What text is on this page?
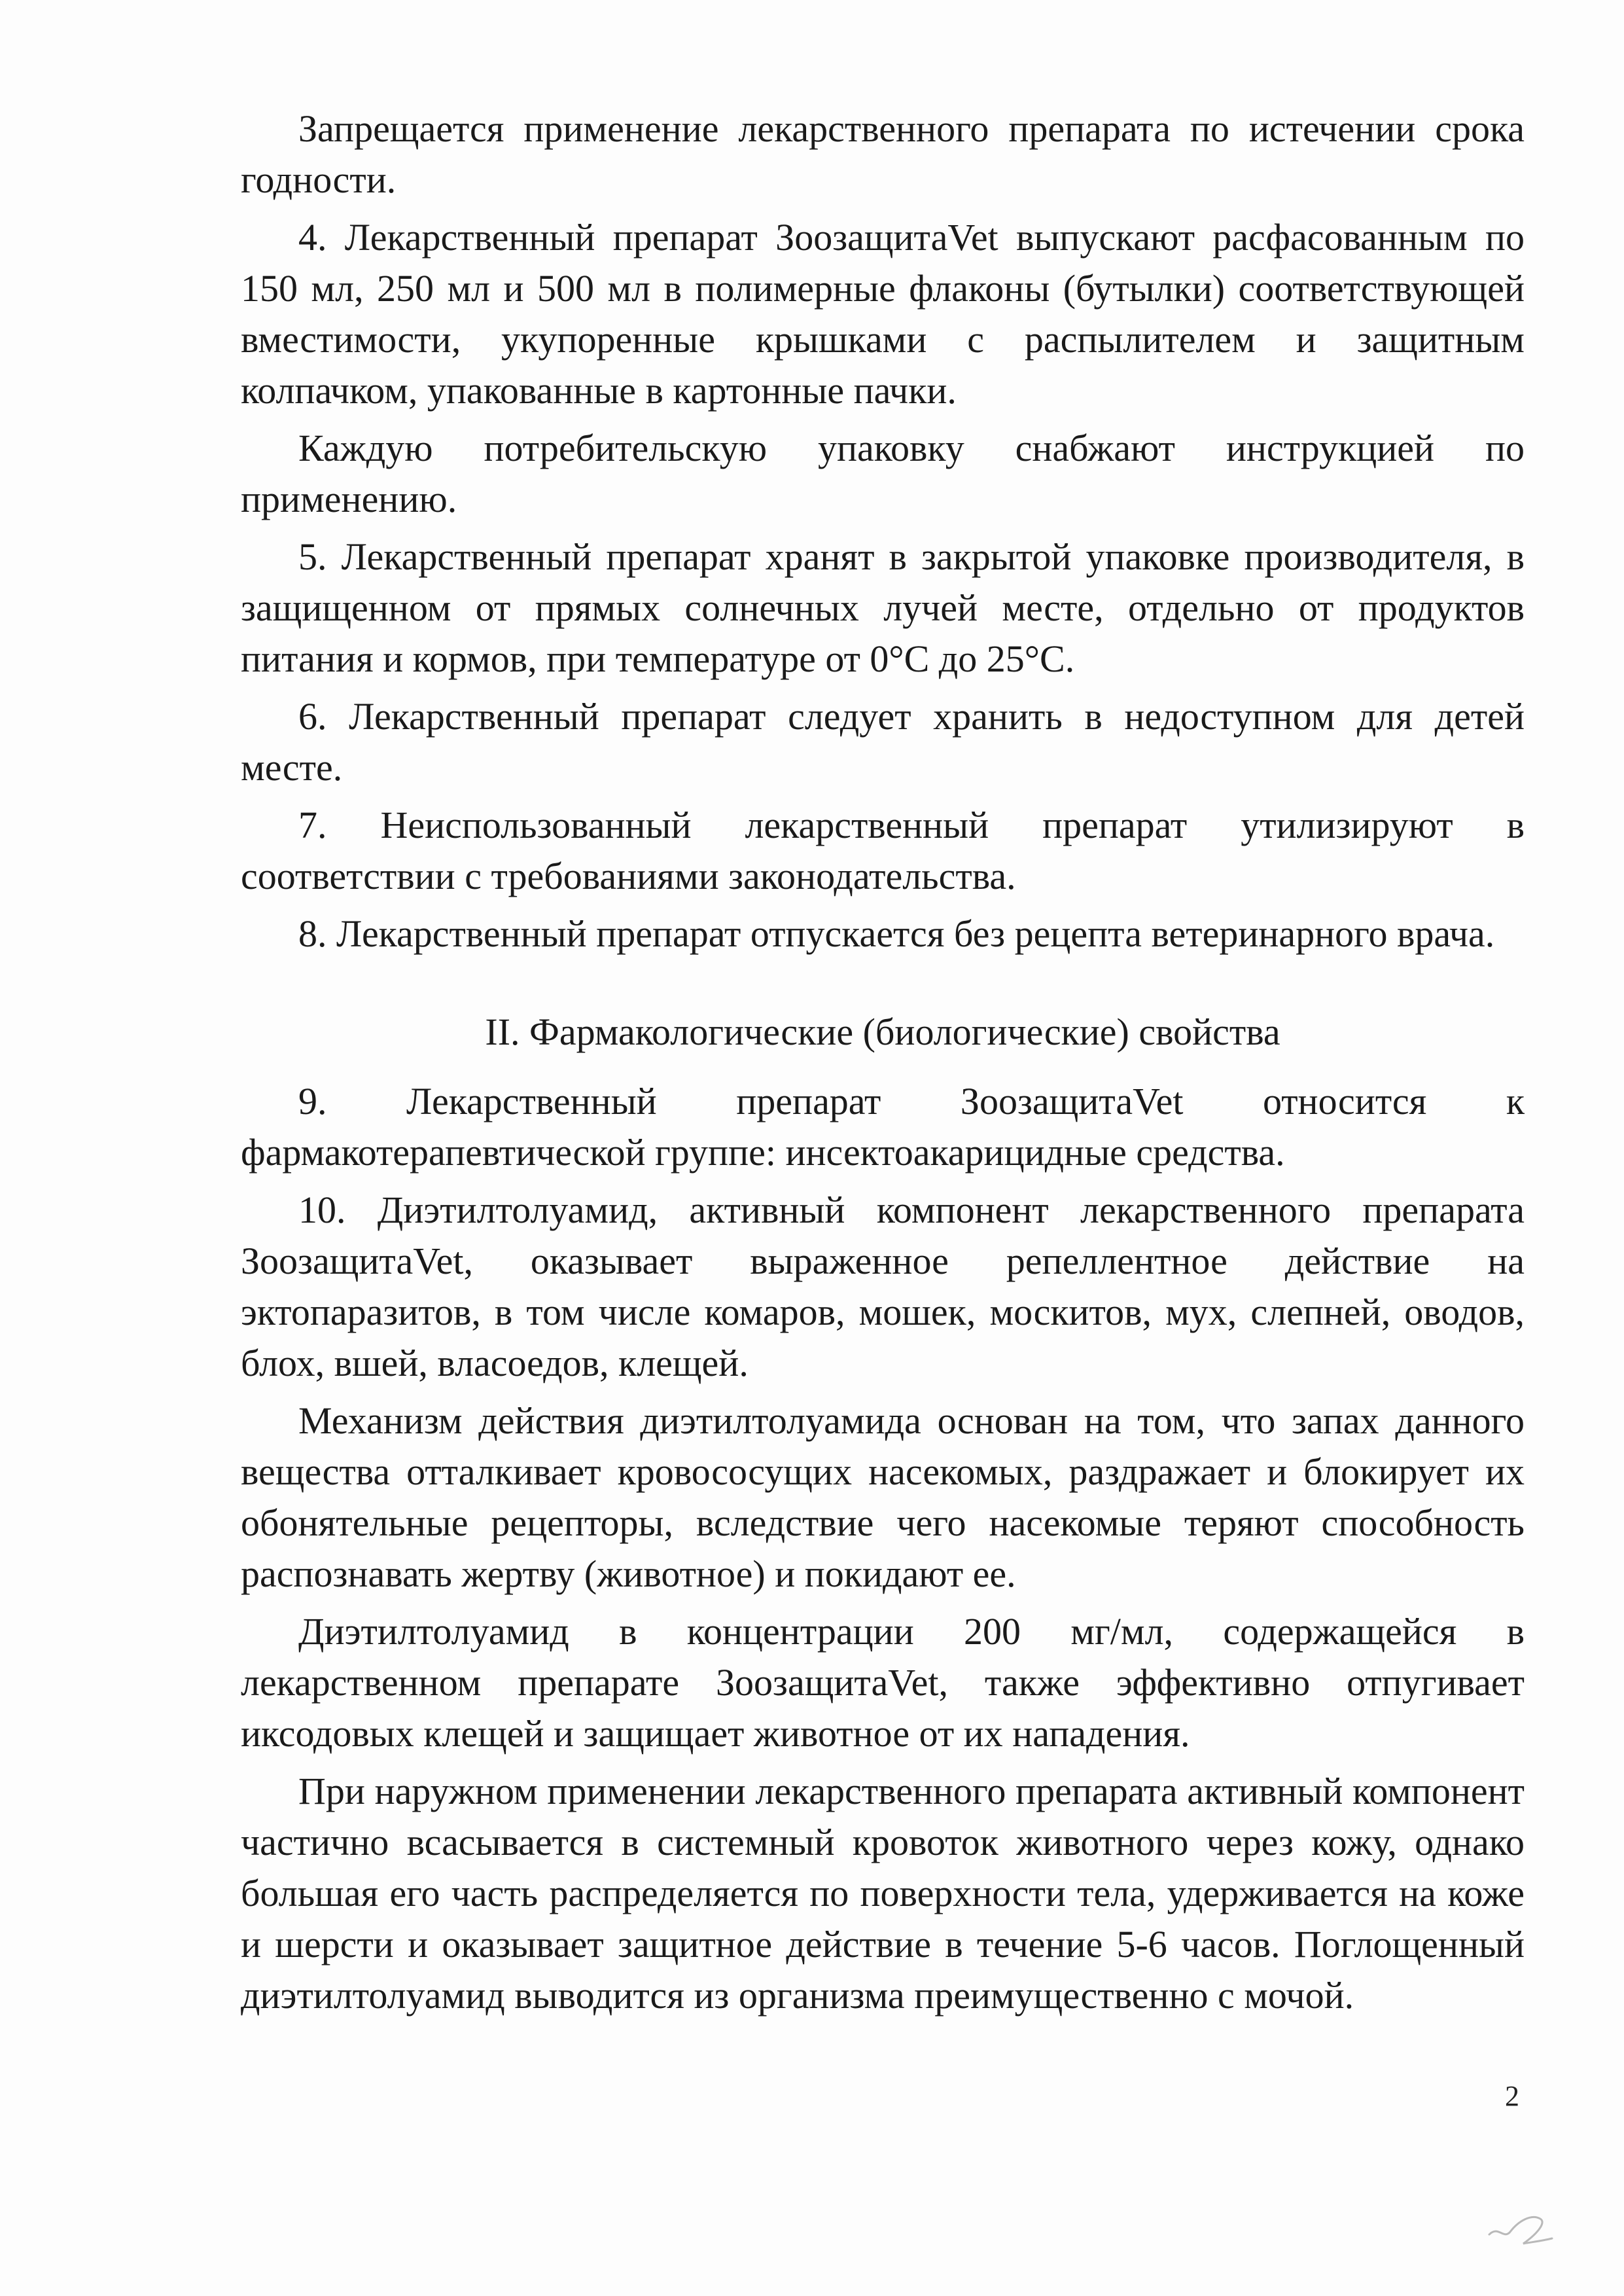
Запрещается применение лекарственного препарата по истечении срока годности.

4. Лекарственный препарат ЗоозащитаVet выпускают расфасованным по 150 мл, 250 мл и 500 мл в полимерные флаконы (бутылки) соответствующей вместимости, укупоренные крышками с распылителем и защитным колпачком, упакованные в картонные пачки.

Каждую потребительскую упаковку снабжают инструкцией по применению.

5. Лекарственный препарат хранят в закрытой упаковке производителя, в защищенном от прямых солнечных лучей месте, отдельно от продуктов питания и кормов, при температуре от 0°С до 25°С.

6. Лекарственный препарат следует хранить в недоступном для детей месте.

7. Неиспользованный лекарственный препарат утилизируют в соответствии с требованиями законодательства.

8. Лекарственный препарат отпускается без рецепта ветеринарного врача.

II. Фармакологические (биологические) свойства

9. Лекарственный препарат ЗоозащитаVet относится к фармакотерапевтической группе: инсектоакарицидные средства.

10. Диэтилтолуамид, активный компонент лекарственного препарата ЗоозащитаVet, оказывает выраженное репеллентное действие на эктопаразитов, в том числе комаров, мошек, москитов, мух, слепней, оводов, блох, вшей, власоедов, клещей.

Механизм действия диэтилтолуамида основан на том, что запах данного вещества отталкивает кровососущих насекомых, раздражает и блокирует их обонятельные рецепторы, вследствие чего насекомые теряют способность распознавать жертву (животное) и покидают ее.

Диэтилтолуамид в концентрации 200 мг/мл, содержащейся в лекарственном препарате ЗоозащитаVet, также эффективно отпугивает иксодовых клещей и защищает животное от их нападения.

При наружном применении лекарственного препарата активный компонент частично всасывается в системный кровоток животного через кожу, однако большая его часть распределяется по поверхности тела, удерживается на коже и шерсти и оказывает защитное действие в течение 5-6 часов. Поглощенный диэтилтолуамид выводится из организма преимущественно с мочой.

2
